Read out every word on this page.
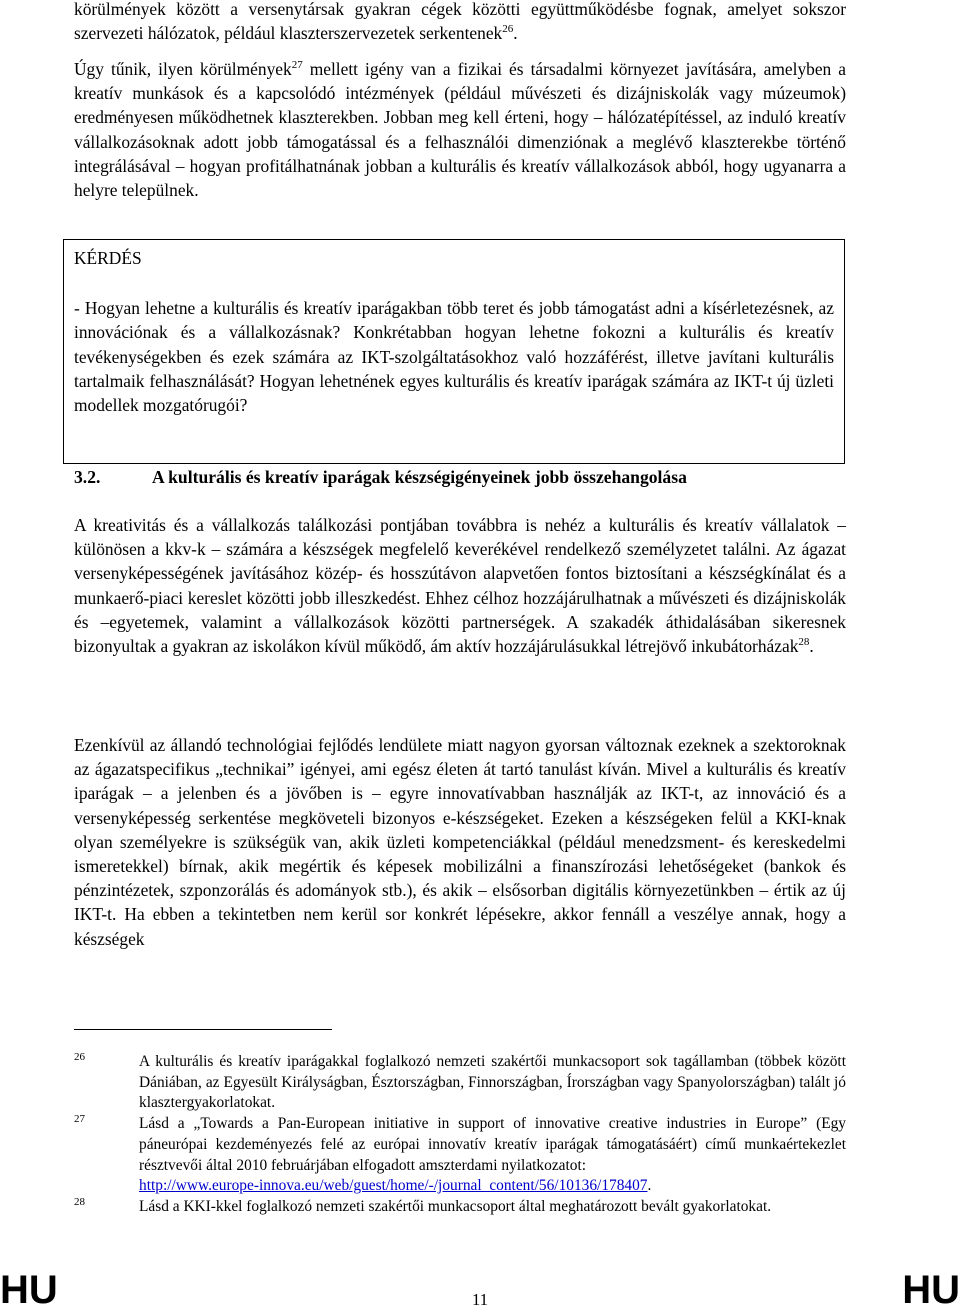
körülmények között a versenytársak gyakran cégek közötti együttműködésbe fognak, amelyet sokszor szervezeti hálózatok, például klaszterszervezetek serkentenek$^{26}$.

Úgy tűnik, ilyen körülmények$^{27}$ mellett igény van a fizikai és társadalmi környezet javítására, amelyben a kreatív munkások és a kapcsolódó intézmények (például művészeti és dizájniskolák vagy múzeumok) eredményesen működhetnek klaszterekben. Jobban meg kell érteni, hogy – hálózatépítéssel, az induló kreatív vállalkozásoknak adott jobb támogatással és a felhasználói dimenziónak a meglévő klaszterekbe történő integrálásával – hogyan profitálhatnának jobban a kulturális és kreatív vállalkozások abból, hogy ugyanarra a helyre települnek.

KÉRDÉS

- Hogyan lehetne a kulturális és kreatív iparágakban több teret és jobb támogatást adni a kísérletezésnek, az innovációnak és a vállalkozásnak? Konkrétabban hogyan lehetne fokozni a kulturális és kreatív tevékenységekben és ezek számára az IKT-szolgáltatásokhoz való hozzáférést, illetve javítani kulturális tartalmaik felhasználását? Hogyan lehetnének egyes kulturális és kreatív iparágak számára az IKT-t új üzleti modellek mozgatórugói?

3.2.	A kulturális és kreatív iparágak készségigényeinek jobb összehangolása

A kreativitás és a vállalkozás találkozási pontjában továbbra is nehéz a kulturális és kreatív vállalatok – különösen a kkv-k – számára a készségek megfelelő keverékével rendelkező személyzetet találni. Az ágazat versenyképességének javításához közép- és hosszútávon alapvetően fontos biztosítani a készségkínálat és a munkaerő-piaci kereslet közötti jobb illeszkedést. Ehhez célhoz hozzájárulhatnak a művészeti és dizájniskolák és –egyetemek, valamint a vállalkozások közötti partnerségek. A szakadék áthidalásában sikeresnek bizonyultak a gyakran az iskolákon kívül működő, ám aktív hozzájárulásukkal létrejövő inkubátorházak$^{28}$.

Ezenkívül az állandó technológiai fejlődés lendülete miatt nagyon gyorsan változnak ezeknek a szektoroknak az ágazatspecifikus „technikai” igényei, ami egész életen át tartó tanulást kíván. Mivel a kulturális és kreatív iparágak – a jelenben és a jövőben is – egyre innovatívabban használják az IKT-t, az innováció és a versenyképesség serkentése megköveteli bizonyos e-készségeket. Ezeken a készségeken felül a KKI-knak olyan személyekre is szükségük van, akik üzleti kompetenciákkal (például menedzsment- és kereskedelmi ismeretekkel) bírnak, akik megértik és képesek mobilizálni a finanszírozási lehetőségeket (bankok és pénzintézetek, szponzorálás és adományok stb.), és akik – elsősorban digitális környezetünkben – értik az új IKT-t. Ha ebben a tekintetben nem kerül sor konkrét lépésekre, akkor fennáll a veszélye annak, hogy a készségek

26	A kulturális és kreatív iparágakkal foglalkozó nemzeti szakértői munkacsoport sok tagállamban (többek között Dániában, az Egyesült Királyságban, Észtországban, Finnországban, Írországban vagy Spanyolországban) talált jó klasztergyakorlatokat.
27	Lásd a „Towards a Pan-European initiative in support of innovative creative industries in Europe” (Egy páneurópai kezdeményezés felé az európai innovatív kreatív iparágak támogatásáért) című munkaértekezlet résztvevői által 2010 februárjában elfogadott amszterdami nyilatkozatot:
http://www.europe-innova.eu/web/guest/home/-/journal_content/56/10136/178407.
28	Lásd a KKI-kkel foglalkozó nemzeti szakértői munkacsoport által meghatározott bevált gyakorlatokat.
HU	11	HU
